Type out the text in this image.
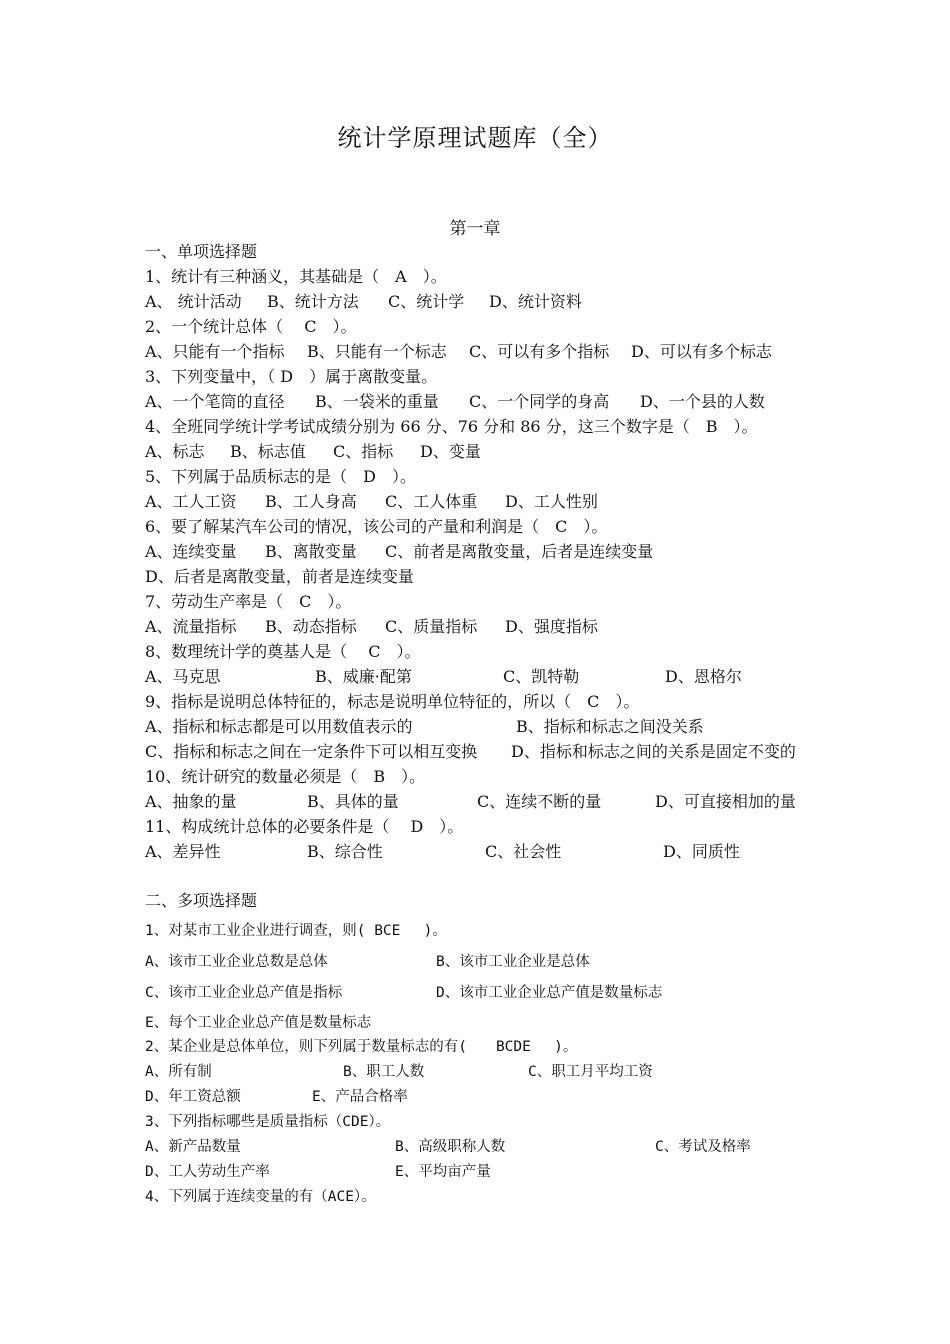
统计学原理试题库（全）
第一章
一、单项选择题
1、统计有三种涵义，其基础是（　A　）。
A、 统计活动 B、统计方法 C、统计学 D、统计资料
2、一个统计总体（　 C　）。
A、只能有一个指标 B、只能有一个标志 C、可以有多个指标 D、可以有多个标志
3、下列变量中，（ D　）属于离散变量。
A、一个笔筒的直径 B、一袋米的重量 C、一个同学的身高 D、一个县的人数
4、全班同学统计学考试成绩分别为 66 分、76 分和 86 分，这三个数字是（　B　）。
A、标志 B、标志值 C、指标 D、变量
5、下列属于品质标志的是（　D　）。
A、工人工资 B、工人身高 C、工人体重 D、工人性别
6、要了解某汽车公司的情况，该公司的产量和利润是（　C　）。
A、连续变量 B、离散变量 C、前者是离散变量，后者是连续变量
D、后者是离散变量，前者是连续变量
7、劳动生产率是（　C　）。
A、流量指标 B、动态指标 C、质量指标 D、强度指标
8、数理统计学的奠基人是（　 C　）。
A、马克思	B、威廉·配第	C、凯特勒	D、恩格尔
9、指标是说明总体特征的，标志是说明单位特征的，所以（　C　）。
A、指标和标志都是可以用数值表示的	B、指标和标志之间没关系
C、指标和标志之间在一定条件下可以相互变换 D、指标和标志之间的关系是固定不变的
10、统计研究的数量必须是（　B　）。
A、抽象的量	B、具体的量	C、连续不断的量	D、可直接相加的量
11、构成统计总体的必要条件是（　 D　）。
A、差异性	B、综合性	C、社会性	D、同质性
二、多项选择题
1、对某市工业企业进行调查，则( BCE　 )。
A、该市工业企业总数是总体	B、该市工业企业是总体
C、该市工业企业总产值是指标	D、该市工业企业总产值是数量标志
E、每个工业企业总产值是数量标志
2、某企业是总体单位，则下列属于数量标志的有(　　BCDE　 )。
A、所有制	B、职工人数	C、职工月平均工资
D、年工资总额	E、产品合格率
3、下列指标哪些是质量指标（CDE）。
A、新产品数量	B、高级职称人数	C、考试及格率
D、工人劳动生产率	E、平均亩产量
4、下列属于连续变量的有（ACE）。
